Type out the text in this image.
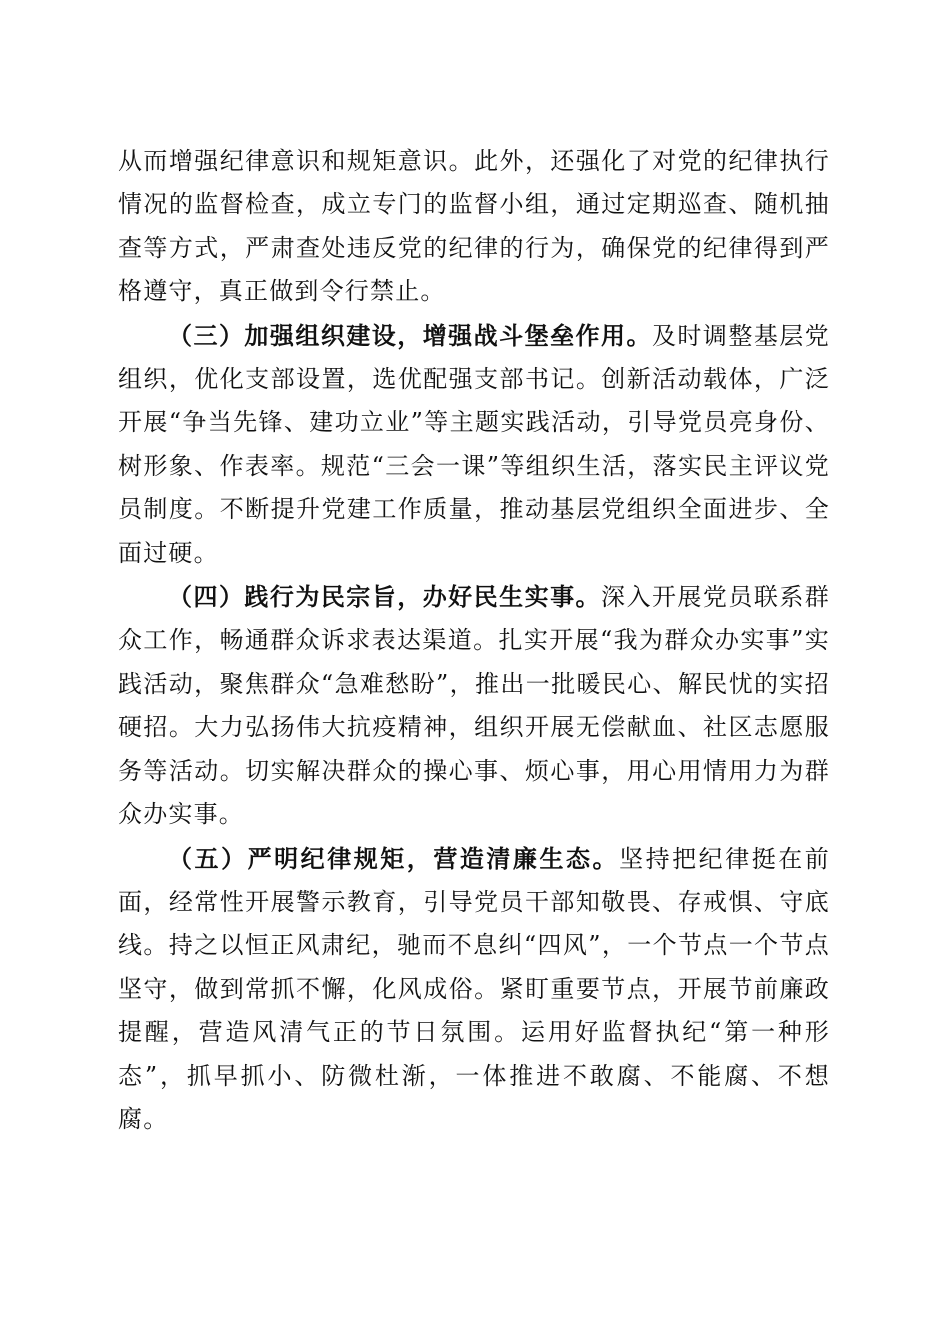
从而增强纪律意识和规矩意识。此外，还强化了对党的纪律执行情况的监督检查，成立专门的监督小组，通过定期巡查、随机抽查等方式，严肃查处违反党的纪律的行为，确保党的纪律得到严格遵守，真正做到令行禁止。

（三）加强组织建设，增强战斗堡垒作用。及时调整基层党组织，优化支部设置，选优配强支部书记。创新活动载体，广泛开展“争当先锋、建功立业”等主题实践活动，引导党员亮身份、树形象、作表率。规范“三会一课”等组织生活，落实民主评议党员制度。不断提升党建工作质量，推动基层党组织全面进步、全面过硬。

（四）践行为民宗旨，办好民生实事。深入开展党员联系群众工作，畅通群众诉求表达渠道。扎实开展“我为群众办实事”实践活动，聚焦群众“急难愁盼”，推出一批暖民心、解民忧的实招硬招。大力弘扬伟大抗疫精神，组织开展无偿献血、社区志愿服务等活动。切实解决群众的操心事、烦心事，用心用情用力为群众办实事。

（五）严明纪律规矩，营造清廉生态。坚持把纪律挺在前面，经常性开展警示教育，引导党员干部知敬畏、存戒惧、守底线。持之以恒正风肃纪，驰而不息纠“四风”，一个节点一个节点坚守，做到常抓不懈，化风成俗。紧盯重要节点，开展节前廉政提醒，营造风清气正的节日氛围。运用好监督执纪“第一种形态”，抓早抓小、防微杜渐，一体推进不敢腐、不能腐、不想腐。
